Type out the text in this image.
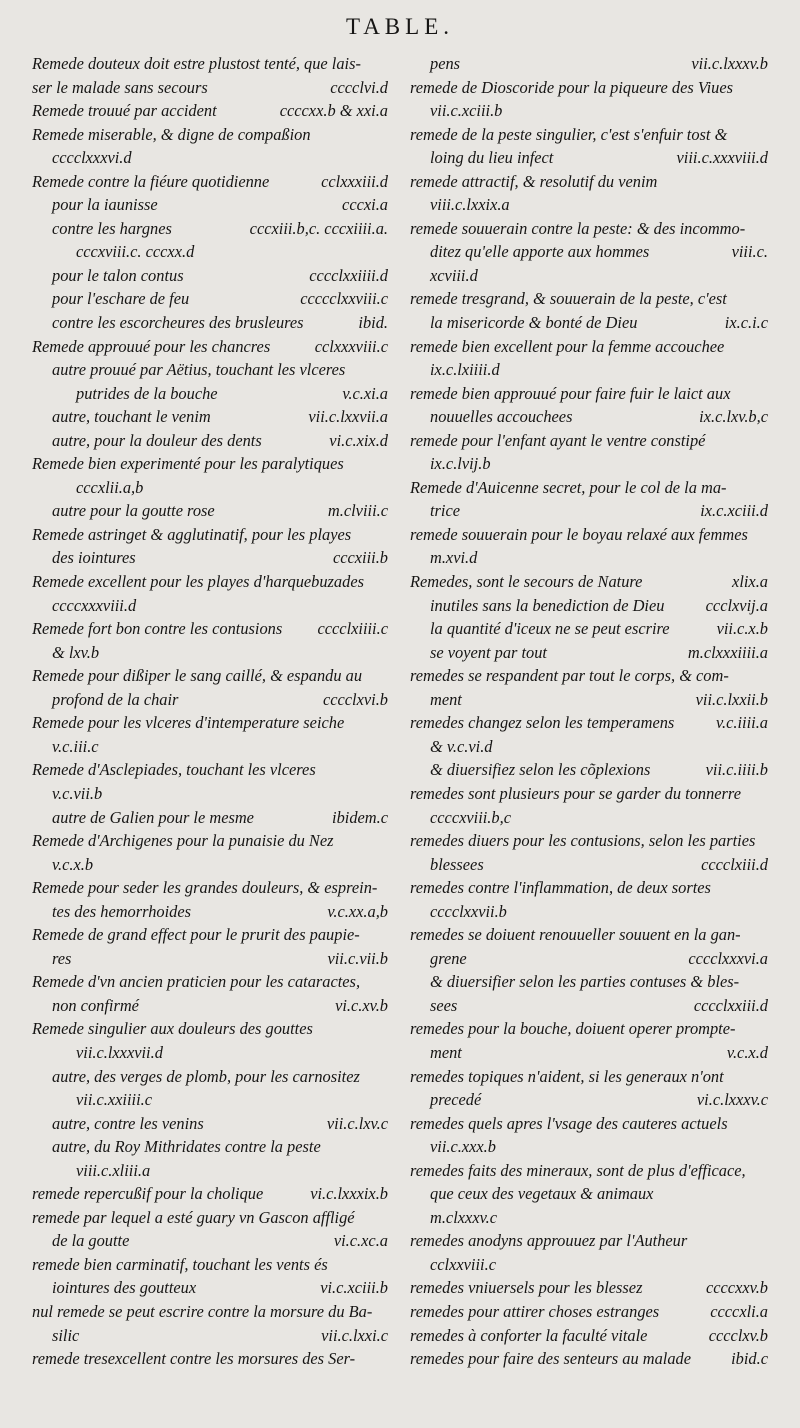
TABLE.
Remede douteux doit estre plustost tenté, que lais-
ser le malade sans secours	cccclvi.d
Remede trouué par accident	ccccxx.b & xxi.a
Remede miserable, & digne de compaßion
cccclxxxvi.d
Remede contre la fiéure quotidienne	cclxxxiii.d
pour la iaunisse	cccxi.a
contre les hargnes	cccxiii.b,c. cccxiiii.a.
cccxviii.c. cccxx.d
pour le talon contus	cccclxxiiii.d
pour l'eschare de feu	ccccclxxviii.c
contre les escorcheures des brusleures	ibid.
Remede approuué pour les chancres	cclxxxviii.c
autre prouué par Aëtius, touchant les vlceres
putrides de la bouche	v.c.xi.a
autre, touchant le venim	vii.c.lxxvii.a
autre, pour la douleur des dents	vi.c.xix.d
Remede bien experimenté pour les paralytiques
cccxlii.a,b
autre pour la goutte rose	m.clviii.c
Remede astringet & agglutinatif, pour les playes
des iointures	cccxiii.b
Remede excellent pour les playes d'harquebuzades
ccccxxxviii.d
Remede fort bon contre les contusions	cccclxiiii.c
& lxv.b
Remede pour dißiper le sang caillé, & espandu au
profond de la chair	cccclxvi.b
Remede pour les vlceres d'intemperature seiche
v.c.iii.c
Remede d'Asclepiades, touchant les vlceres
v.c.vii.b
autre de Galien pour le mesme	ibidem.c
Remede d'Archigenes pour la punaisie du Nez
v.c.x.b
Remede pour seder les grandes douleurs, & esprein-
tes des hemorrhoides	v.c.xx.a,b
Remede de grand effect pour le prurit des paupie-
res	vii.c.vii.b
Remede d'vn ancien praticien pour les cataractes,
non confirmé	vi.c.xv.b
Remede singulier aux douleurs des gouttes
vii.c.lxxxvii.d
autre, des verges de plomb, pour les carnositez
vii.c.xxiiii.c
autre, contre les venins	vii.c.lxv.c
autre, du Roy Mithridates contre la peste
viii.c.xliii.a
remede repercußif pour la cholique	vi.c.lxxxix.b
remede par lequel a esté guary vn Gascon affligé
de la goutte	vi.c.xc.a
remede bien carminatif, touchant les vents és
iointures des goutteux	vi.c.xciii.b
nul remede se peut escrire contre la morsure du Ba-
silic	vii.c.lxxi.c
remede tresexcellent contre les morsures des Ser-
pens	vii.c.lxxxv.b
remede de Dioscoride pour la piqueure des Viues
vii.c.xciii.b
remede de la peste singulier, c'est s'enfuir tost &
loing du lieu infect	viii.c.xxxviii.d
remede attractif, & resolutif du venim
viii.c.lxxix.a
remede souuerain contre la peste: & des incommo-
ditez qu'elle apporte aux hommes	viii.c.
xcviii.d
remede tresgrand, & souuerain de la peste, c'est
la misericorde & bonté de Dieu	ix.c.i.c
remede bien excellent pour la femme accouchee
ix.c.lxiiii.d
remede bien approuué pour faire fuir le laict aux
nouuelles accouchees	ix.c.lxv.b,c
remede pour l'enfant ayant le ventre constipé
ix.c.lvij.b
Remede d'Auicenne secret, pour le col de la ma-
trice	ix.c.xciii.d
remede souuerain pour le boyau relaxé aux femmes
m.xvi.d
Remedes, sont le secours de Nature	xlix.a
inutiles sans la benediction de Dieu	ccclxvij.a
la quantité d'iceux ne se peut escrire	vii.c.x.b
se voyent par tout	m.clxxxiiii.a
remedes se respandent par tout le corps, & com-
ment	vii.c.lxxii.b
remedes changez selon les temperamens	v.c.iiii.a
& v.c.vi.d
& diuersifiez selon les cõplexions	vii.c.iiii.b
remedes sont plusieurs pour se garder du tonnerre
ccccxviii.b,c
remedes diuers pour les contusions, selon les parties
blessees	cccclxiii.d
remedes contre l'inflammation, de deux sortes
cccclxxvii.b
remedes se doiuent renouueller souuent en la gan-
grene	cccclxxxvi.a
& diuersifier selon les parties contuses & bles-
sees	cccclxxiii.d
remedes pour la bouche, doiuent operer prompte-
ment	v.c.x.d
remedes topiques n'aident, si les generaux n'ont
precedé	vi.c.lxxxv.c
remedes quels apres l'vsage des cauteres actuels
vii.c.xxx.b
remedes faits des mineraux, sont de plus d'efficace,
que ceux des vegetaux & animaux
m.clxxxv.c
remedes anodyns approuuez par l'Autheur
cclxxviii.c
remedes vniuersels pour les blessez	ccccxxv.b
remedes pour attirer choses estranges	ccccxli.a
remedes à conforter la faculté vitale	cccclxv.b
remedes pour faire des senteurs au malade	ibid.c
